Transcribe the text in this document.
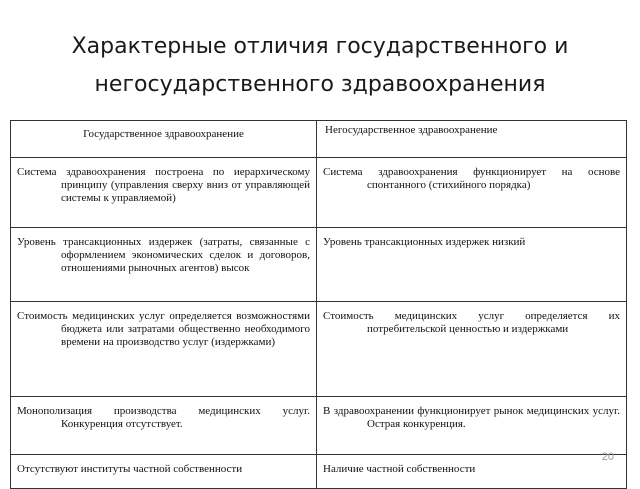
Характерные отличия государственного и
негосударственного здравоохранения
Государственное здравоохранение	Негосударственное здравоохранение

Система здравоохранения построена по иерархическому принципу (управления сверху вниз от управляющей системы к управляемой)	Система здравоохранения функционирует на основе спонтанного (стихийного порядка)

Уровень трансакционных издержек (затраты, связанные с оформлением экономических сделок и договоров, отношениями рыночных агентов) высок	Уровень трансакционных издержек низкий

Стоимость медицинских услуг определяется возможностями бюджета или затратами общественно необходимого времени на производство услуг (издержками)	Стоимость медицинских услуг определяется их потребительской ценностью и издержками

Монополизация производства медицинских услуг. Конкуренция отсутствует.	В здравоохранении функционирует рынок медицинских услуг. Острая конкуренция.

Отсутствуют институты частной собственности	Наличие частной собственности

20
